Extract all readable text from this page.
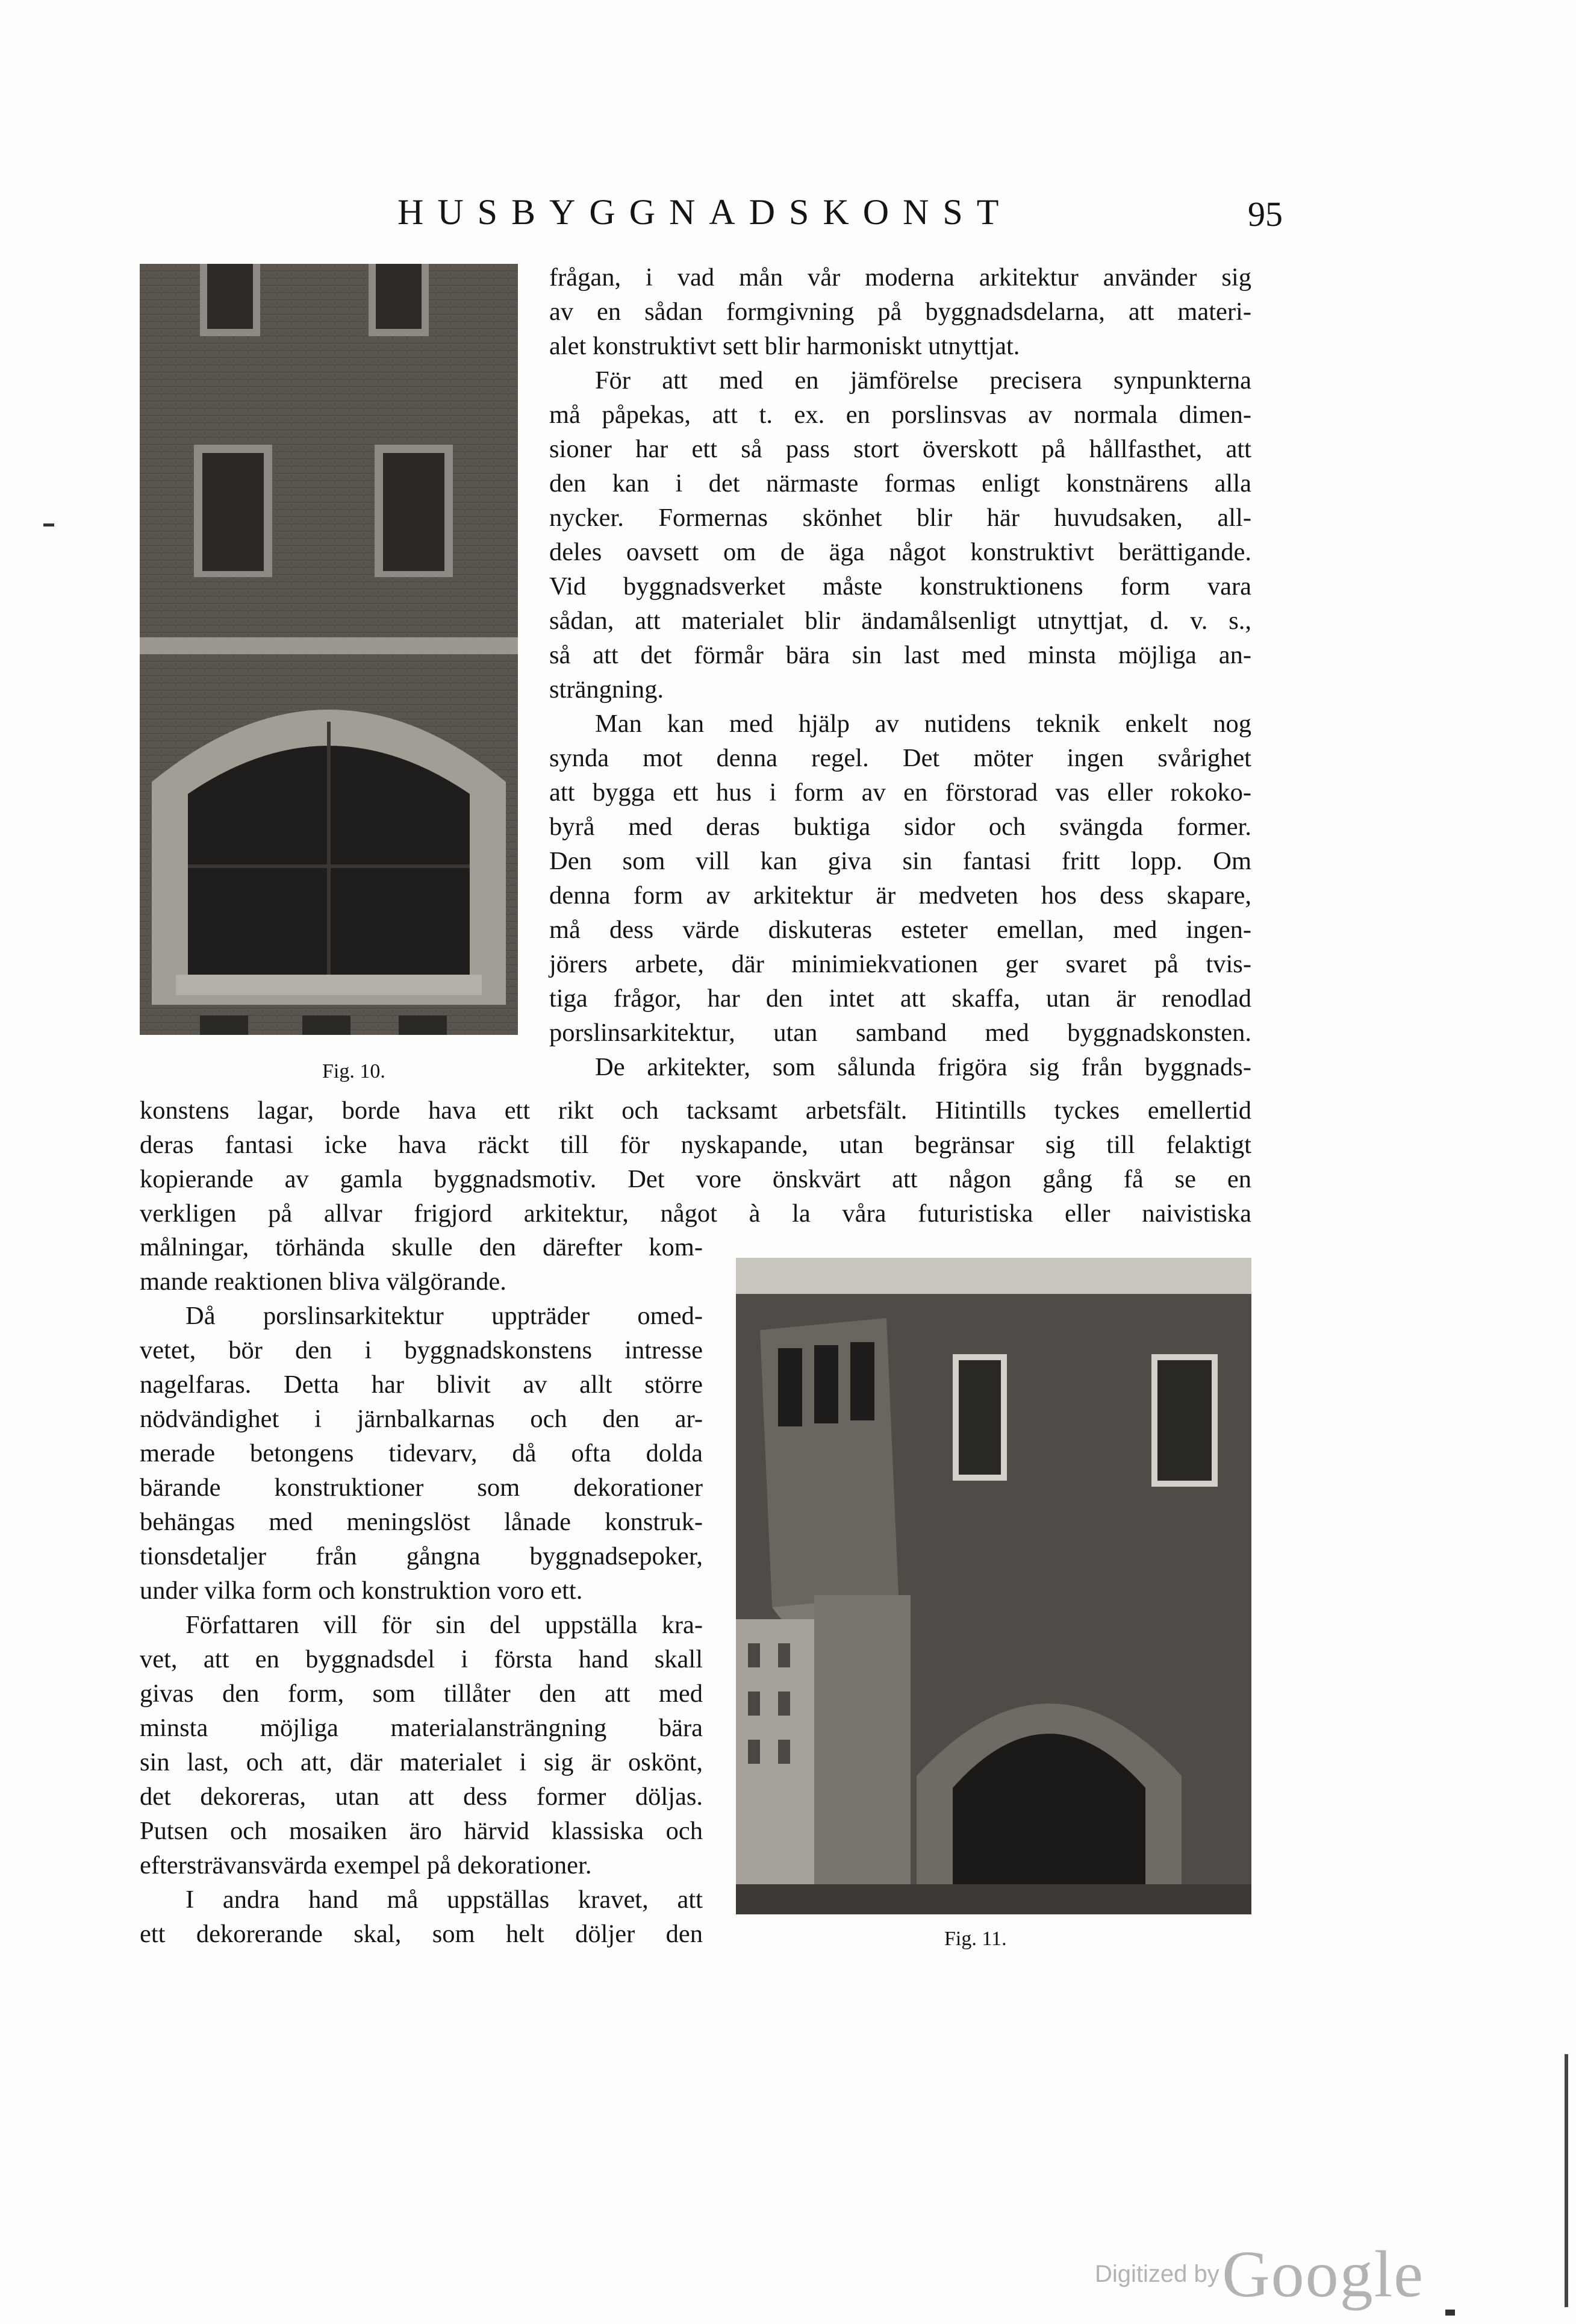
HUSBYGGNADSKONST	95
Fig. 10.
Fig. 11.
frågan, i vad mån vår moderna arkitektur använder sig
av en sådan formgivning på byggnadsdelarna, att materi-
alet konstruktivt sett blir harmoniskt utnyttjat.
För att med en jämförelse precisera synpunkterna
må påpekas, att t. ex. en porslinsvas av normala dimen-
sioner har ett så pass stort överskott på hållfasthet, att
den kan i det närmaste formas enligt konstnärens alla
nycker. Formernas skönhet blir här huvudsaken, all-
deles oavsett om de äga något konstruktivt berättigande.
Vid byggnadsverket måste konstruktionens form vara
sådan, att materialet blir ändamålsenligt utnyttjat, d. v. s.,
så att det förmår bära sin last med minsta möjliga an-
strängning.
Man kan med hjälp av nutidens teknik enkelt nog
synda mot denna regel. Det möter ingen svårighet
att bygga ett hus i form av en förstorad vas eller rokoko-
byrå med deras buktiga sidor och svängda former.
Den som vill kan giva sin fantasi fritt lopp. Om
denna form av arkitektur är medveten hos dess skapare,
må dess värde diskuteras esteter emellan, med ingen-
jörers arbete, där minimiekvationen ger svaret på tvis-
tiga frågor, har den intet att skaffa, utan är renodlad
porslinsarkitektur, utan samband med byggnadskonsten.
De arkitekter, som sålunda frigöra sig från byggnads-
konstens lagar, borde hava ett rikt och tacksamt arbetsfält. Hitintills tyckes emellertid
deras fantasi icke hava räckt till för nyskapande, utan begränsar sig till felaktigt
kopierande av gamla byggnadsmotiv. Det vore önskvärt att någon gång få se en
verkligen på allvar frigjord arkitektur, något à la våra futuristiska eller naivistiska
målningar, törhända skulle den därefter kom-
mande reaktionen bliva välgörande.
Då porslinsarkitektur uppträder omed-
vetet, bör den i byggnadskonstens intresse
nagelfaras. Detta har blivit av allt större
nödvändighet i järnbalkarnas och den ar-
merade betongens tidevarv, då ofta dolda
bärande konstruktioner som dekorationer
behängas med meningslöst lånade konstruk-
tionsdetaljer från gångna byggnadsepoker,
under vilka form och konstruktion voro ett.
Författaren vill för sin del uppställa kra-
vet, att en byggnadsdel i första hand skall
givas den form, som tillåter den att med
minsta möjliga materialansträngning bära
sin last, och att, där materialet i sig är oskönt,
det dekoreras, utan att dess former döljas.
Putsen och mosaiken äro härvid klassiska och
eftersträvansvärda exempel på dekorationer.
I andra hand må uppställas kravet, att
ett dekorerande skal, som helt döljer den
Digitized by Google
